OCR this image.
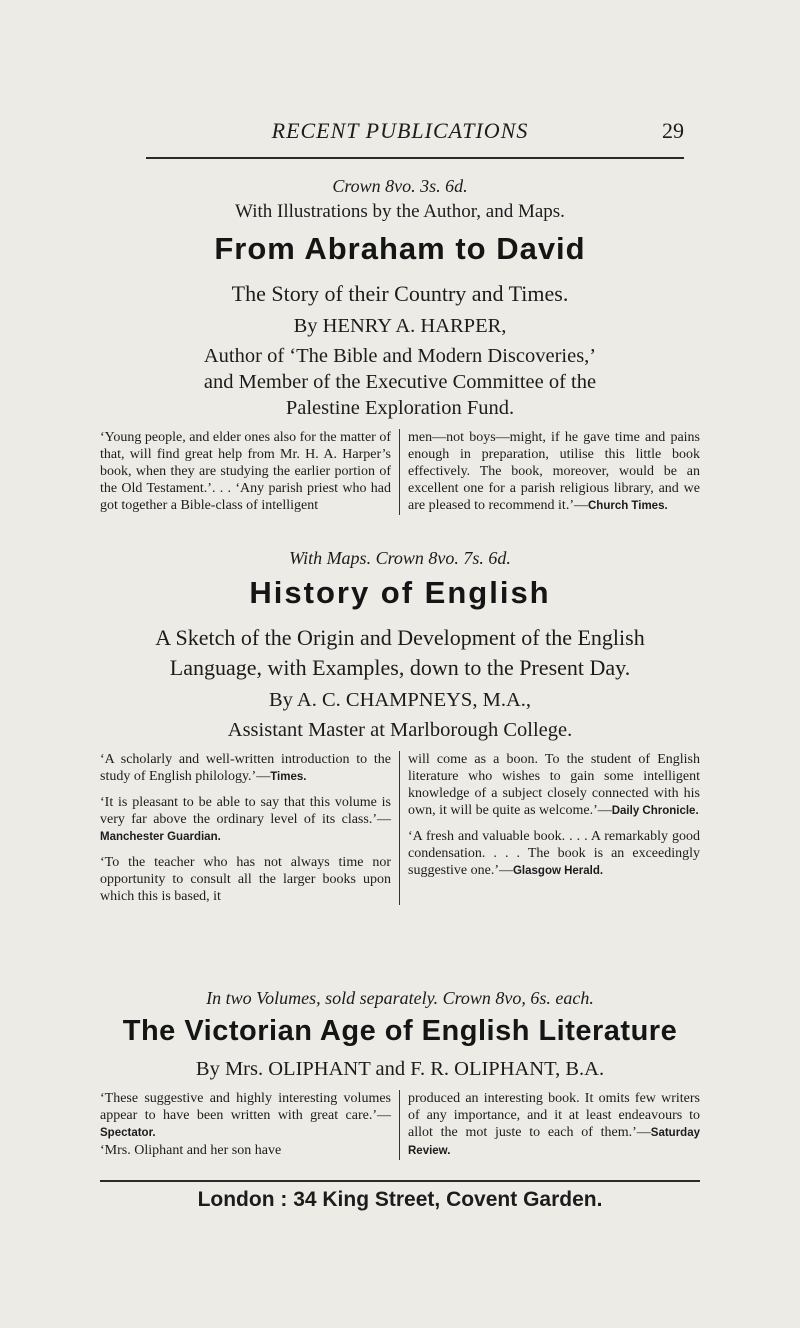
RECENT PUBLICATIONS	29
Crown 8vo. 3s. 6d.
With Illustrations by the Author, and Maps.
From Abraham to David
The Story of their Country and Times.
By HENRY A. HARPER,
Author of ‘The Bible and Modern Discoveries,’
and Member of the Executive Committee of the
Palestine Exploration Fund.
‘Young people, and elder ones also for the matter of that, will find great help from Mr. H. A. Harper’s book, when they are studying the earlier portion of the Old Testament.’. . . ‘Any parish priest who had got together a Bible-class of intelligent
men—not boys—might, if he gave time and pains enough in preparation, utilise this little book effectively. The book, moreover, would be an excellent one for a parish religious library, and we are pleased to recommend it.’—Church Times.
With Maps. Crown 8vo. 7s. 6d.
History of English
A Sketch of the Origin and Development of the English
Language, with Examples, down to the Present Day.
By A. C. CHAMPNEYS, M.A.,
Assistant Master at Marlborough College.

‘A scholarly and well-written introduction to the study of English philology.’—Times.

‘It is pleasant to be able to say that this volume is very far above the ordinary level of its class.’—Manchester Guardian.

‘To the teacher who has not always time nor opportunity to consult all the larger books upon which this is based, it

will come as a boon. To the student of English literature who wishes to gain some intelligent knowledge of a subject closely connected with his own, it will be quite as welcome.’—Daily Chronicle.

‘A fresh and valuable book. . . . A remarkably good condensation. . . . The book is an exceedingly suggestive one.’—Glasgow Herald.

In two Volumes, sold separately. Crown 8vo, 6s. each.
The Victorian Age of English Literature
By Mrs. OLIPHANT and F. R. OLIPHANT, B.A.

‘These suggestive and highly interesting volumes appear to have been written with great care.’—Spectator.

‘Mrs. Oliphant and her son have

produced an interesting book. It omits few writers of any importance, and it at least endeavours to allot the mot juste to each of them.’—Saturday Review.

London : 34 King Street, Covent Garden.
